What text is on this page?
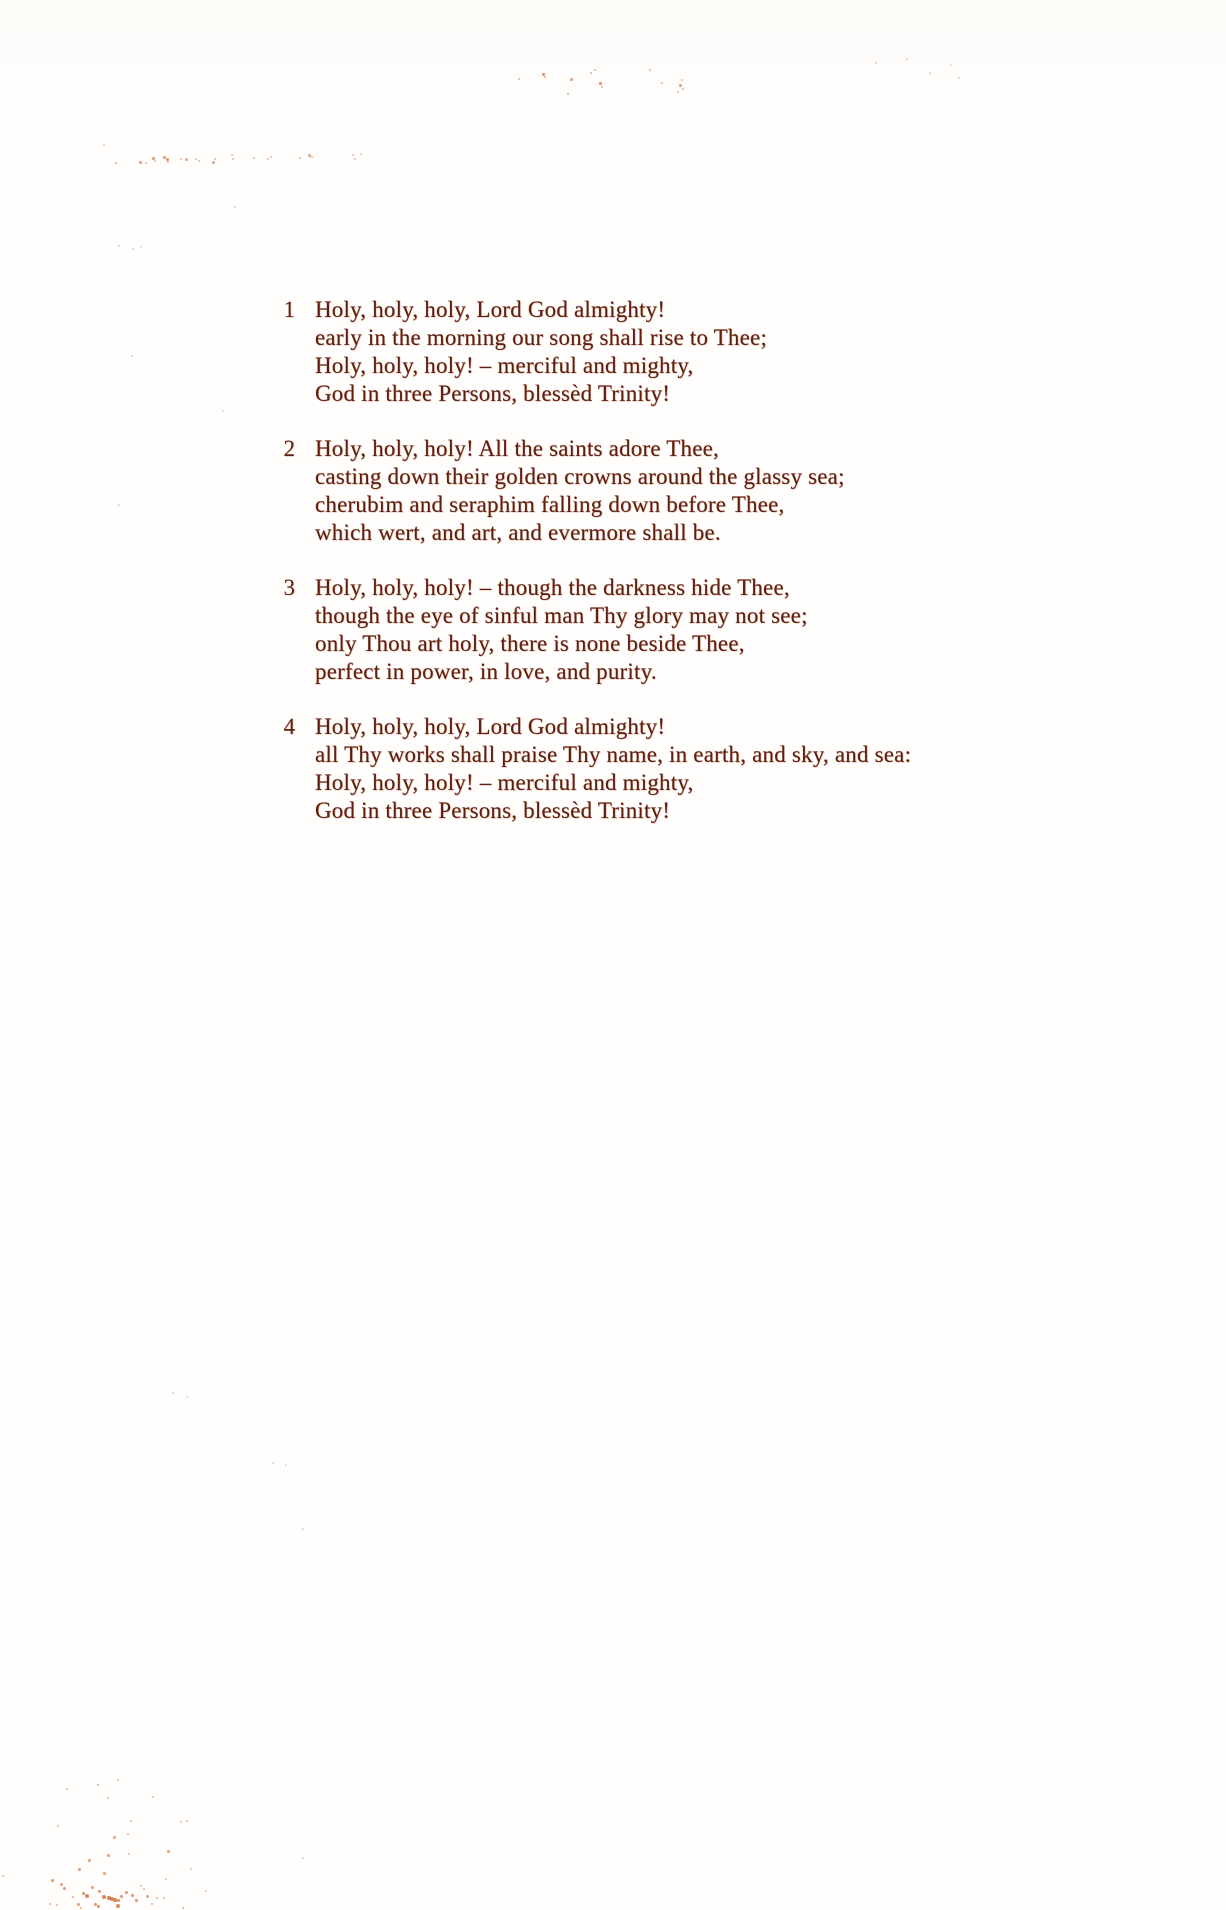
1 Holy, holy, holy, Lord God almighty!
early in the morning our song shall rise to Thee;
Holy, holy, holy! – merciful and mighty,
God in three Persons, blessèd Trinity!
2 Holy, holy, holy! All the saints adore Thee,
casting down their golden crowns around the glassy sea;
cherubim and seraphim falling down before Thee,
which wert, and art, and evermore shall be.
3 Holy, holy, holy! – though the darkness hide Thee,
though the eye of sinful man Thy glory may not see;
only Thou art holy, there is none beside Thee,
perfect in power, in love, and purity.
4 Holy, holy, holy, Lord God almighty!
all Thy works shall praise Thy name, in earth, and sky, and sea:
Holy, holy, holy! – merciful and mighty,
God in three Persons, blessèd Trinity!
